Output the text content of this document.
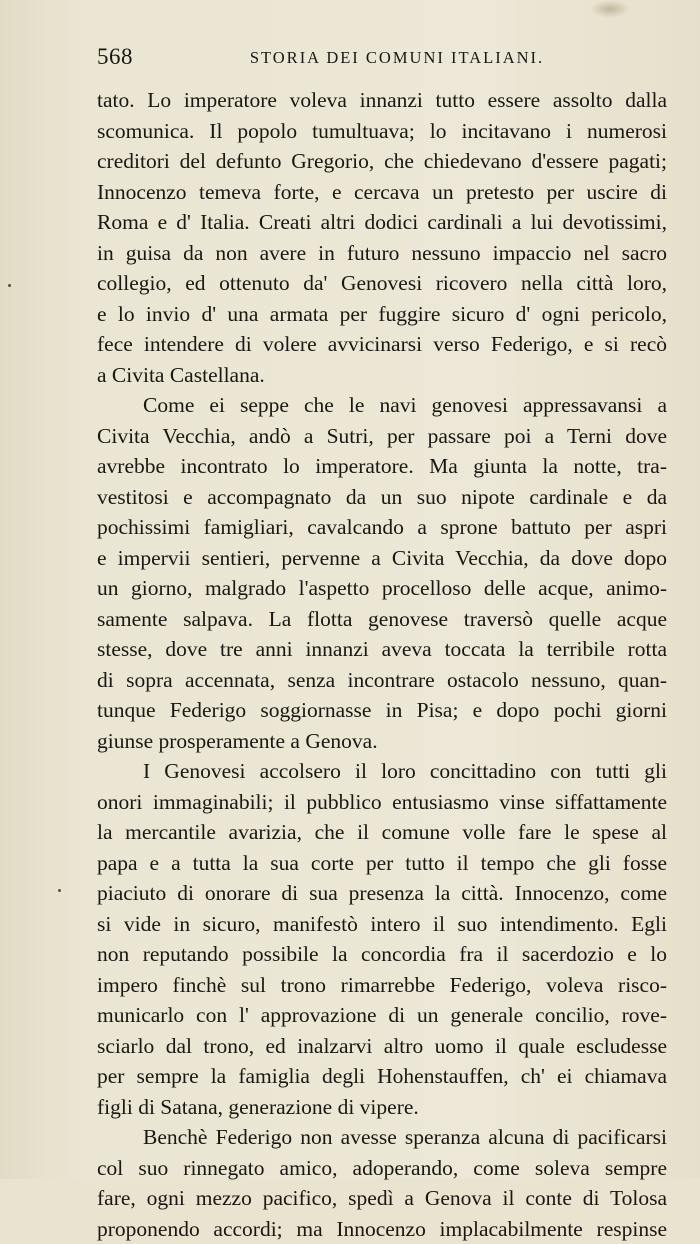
568	STORIA DEI COMUNI ITALIANI.
tato. Lo imperatore voleva innanzi tutto essere assolto dalla
scomunica. Il popolo tumultuava; lo incitavano i numerosi
creditori del defunto Gregorio, che chiedevano d'essere pagati;
Innocenzo temeva forte, e cercava un pretesto per uscire di
Roma e d' Italia. Creati altri dodici cardinali a lui devotissimi,
in guisa da non avere in futuro nessuno impaccio nel sacro
collegio, ed ottenuto da' Genovesi ricovero nella città loro,
e lo invio d' una armata per fuggire sicuro d' ogni pericolo,
fece intendere di volere avvicinarsi verso Federigo, e si recò
a Civita Castellana.
Come ei seppe che le navi genovesi appressavansi a
Civita Vecchia, andò a Sutri, per passare poi a Terni dove
avrebbe incontrato lo imperatore. Ma giunta la notte, tra-
vestitosi e accompagnato da un suo nipote cardinale e da
pochissimi famigliari, cavalcando a sprone battuto per aspri
e impervii sentieri, pervenne a Civita Vecchia, da dove dopo
un giorno, malgrado l'aspetto procelloso delle acque, animo-
samente salpava. La flotta genovese traversò quelle acque
stesse, dove tre anni innanzi aveva toccata la terribile rotta
di sopra accennata, senza incontrare ostacolo nessuno, quan-
tunque Federigo soggiornasse in Pisa; e dopo pochi giorni
giunse prosperamente a Genova.
I Genovesi accolsero il loro concittadino con tutti gli
onori immaginabili; il pubblico entusiasmo vinse siffattamente
la mercantile avarizia, che il comune volle fare le spese al
papa e a tutta la sua corte per tutto il tempo che gli fosse
piaciuto di onorare di sua presenza la città. Innocenzo, come
si vide in sicuro, manifestò intero il suo intendimento. Egli
non reputando possibile la concordia fra il sacerdozio e lo
impero finchè sul trono rimarrebbe Federigo, voleva risco-
municarlo con l' approvazione di un generale concilio, rove-
sciarlo dal trono, ed inalzarvi altro uomo il quale escludesse
per sempre la famiglia degli Hohenstauffen, ch' ei chiamava
figli di Satana, generazione di vipere.
Benchè Federigo non avesse speranza alcuna di pacificarsi
col suo rinnegato amico, adoperando, come soleva sempre
fare, ogni mezzo pacifico, spedì a Genova il conte di Tolosa
proponendo accordi; ma Innocenzo implacabilmente respinse
